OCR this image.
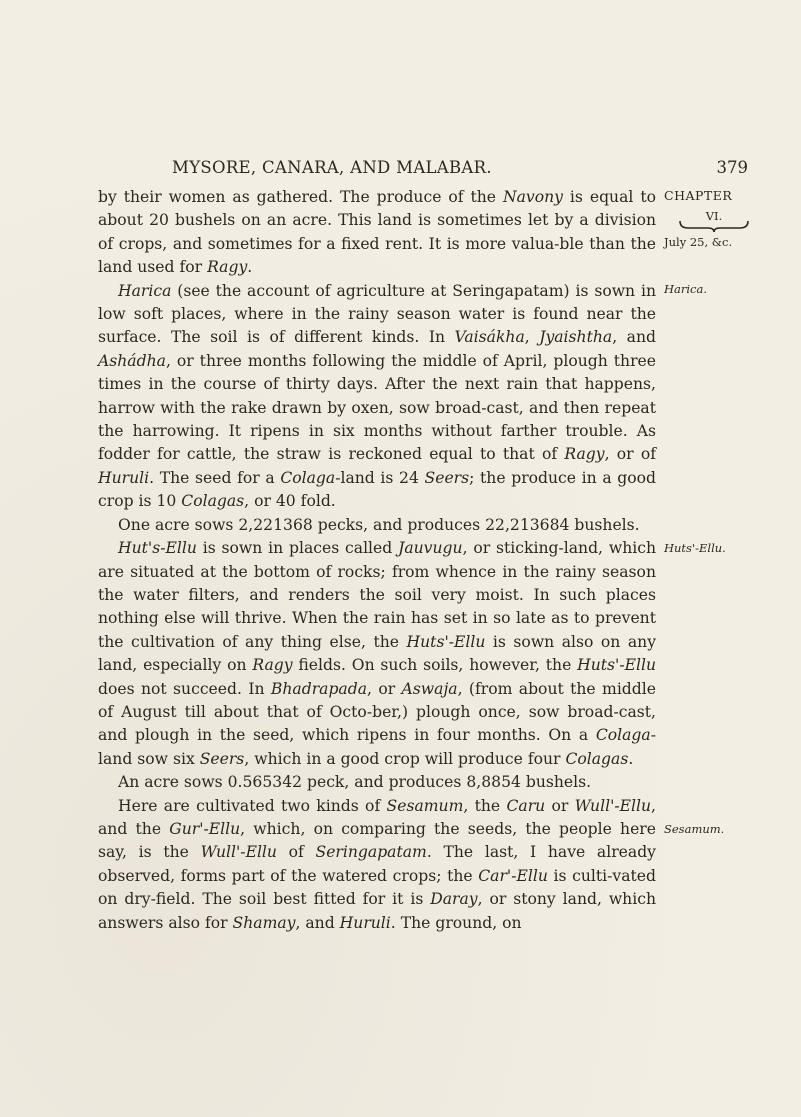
MYSORE, CANARA, AND MALABAR.	379

by their women as gathered. The produce of the Navony is equal to about 20 bushels on an acre. This land is sometimes let by a division of crops, and sometimes for a fixed rent. It is more valua-ble than the land used for Ragy.

Harica (see the account of agriculture at Seringapatam) is sown in low soft places, where in the rainy season water is found near the surface. The soil is of different kinds. In Vaisákha, Jyaishtha, and Ashádha, or three months following the middle of April, plough three times in the course of thirty days. After the next rain that happens, harrow with the rake drawn by oxen, sow broad-cast, and then repeat the harrowing. It ripens in six months without farther trouble. As fodder for cattle, the straw is reckoned equal to that of Ragy, or of Huruli. The seed for a Colaga-land is 24 Seers; the produce in a good crop is 10 Colagas, or 40 fold.

One acre sows 2,221368 pecks, and produces 22,213684 bushels.

Hut's-Ellu is sown in places called Jauvugu, or sticking-land, which are situated at the bottom of rocks; from whence in the rainy season the water filters, and renders the soil very moist. In such places nothing else will thrive. When the rain has set in so late as to prevent the cultivation of any thing else, the Huts'-Ellu is sown also on any land, especially on Ragy fields. On such soils, however, the Huts'-Ellu does not succeed. In Bhadrapada, or Aswaja, (from about the middle of August till about that of Octo-ber,) plough once, sow broad-cast, and plough in the seed, which ripens in four months. On a Colaga-land sow six Seers, which in a good crop will produce four Colagas.

An acre sows 0.565342 peck, and produces 8,8854 bushels.

Here are cultivated two kinds of Sesamum, the Caru or Wull'-Ellu, and the Gur'-Ellu, which, on comparing the seeds, the people here say, is the Wull'-Ellu of Seringapatam. The last, I have already observed, forms part of the watered crops; the Car'-Ellu is culti-vated on dry-field. The soil best fitted for it is Daray, or stony land, which answers also for Shamay, and Huruli. The ground, on

CHAPTER
VI.
July 25, &c.
Harica.
Huts'-Ellu.
Sesamum.
